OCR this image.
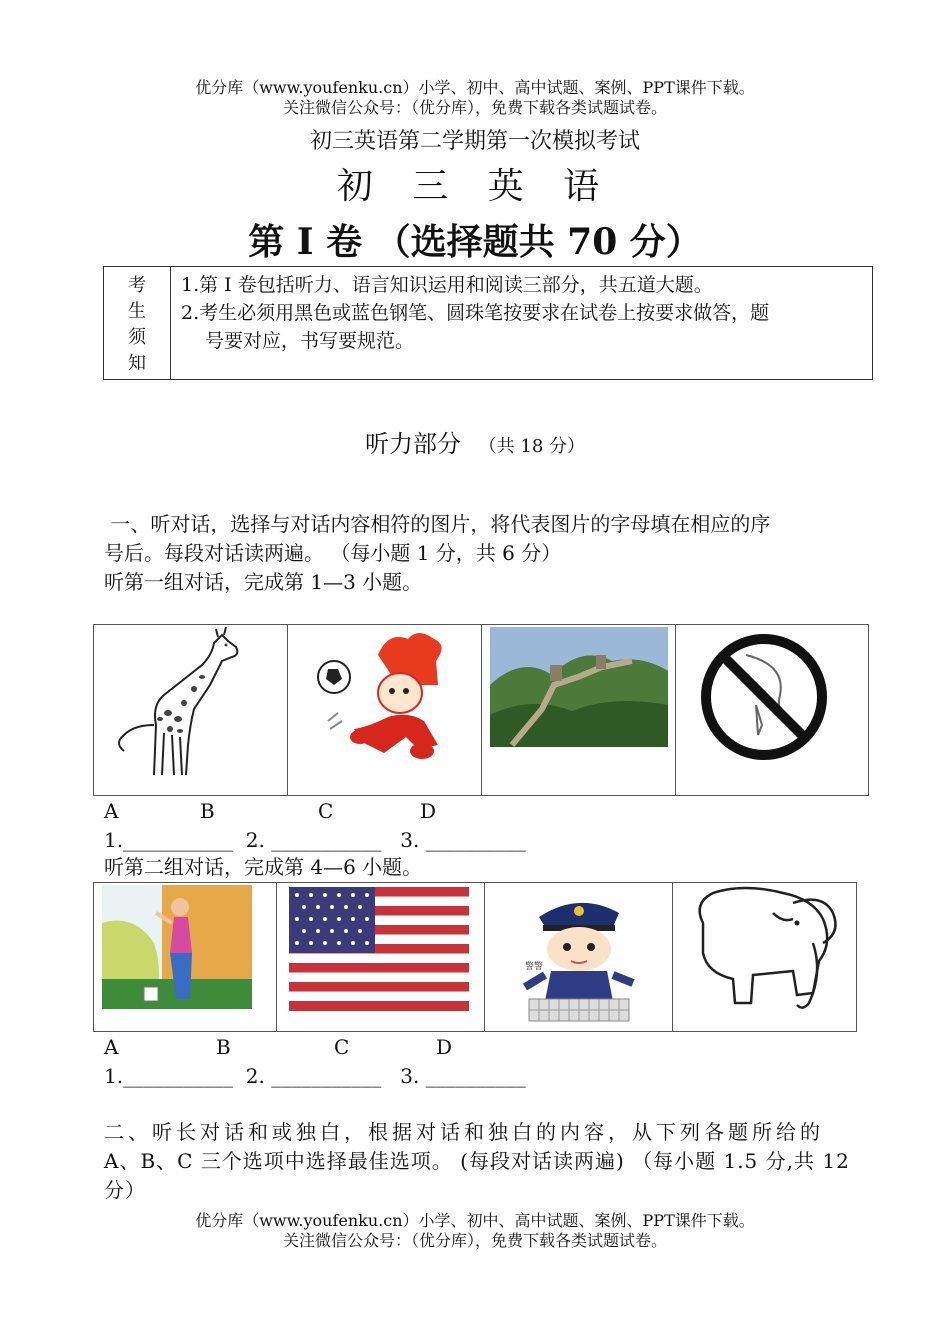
优分库（www.youfenku.cn）小学、初中、高中试题、案例、PPT课件下载。
关注微信公众号：（优分库），免费下载各类试题试卷。
初三英语第二学期第一次模拟考试
初 三 英 语
第 I 卷 （选择题共 70 分）
考
生
须
知
1.第 I 卷包括听力、语言知识运用和阅读三部分，共五道大题。
2.考生必须用黑色或蓝色钢笔、圆珠笔按要求在试卷上按要求做答，题
号要对应，书写要规范。
听力部分 （共 18 分）
一、听对话，选择与对话内容相符的图片，将代表图片的字母填在相应的序
号后。每段对话读两遍。 （每小题 1 分，共 6 分）
听第一组对话，完成第 1—3 小题。
A	B	C	D
1.___________  2. ___________   3. __________
听第二组对话，完成第 4—6 小题。
警警
A	B	C	D
1.___________  2. ___________   3. __________
二、听长对话和或独白，根据对话和独白的内容，从下列各题所给的
A、B、C 三个选项中选择最佳选项。 (每段对话读两遍) （每小题 1.5 分,共 12
分）
优分库（www.youfenku.cn）小学、初中、高中试题、案例、PPT课件下载。
关注微信公众号：（优分库），免费下载各类试题试卷。
